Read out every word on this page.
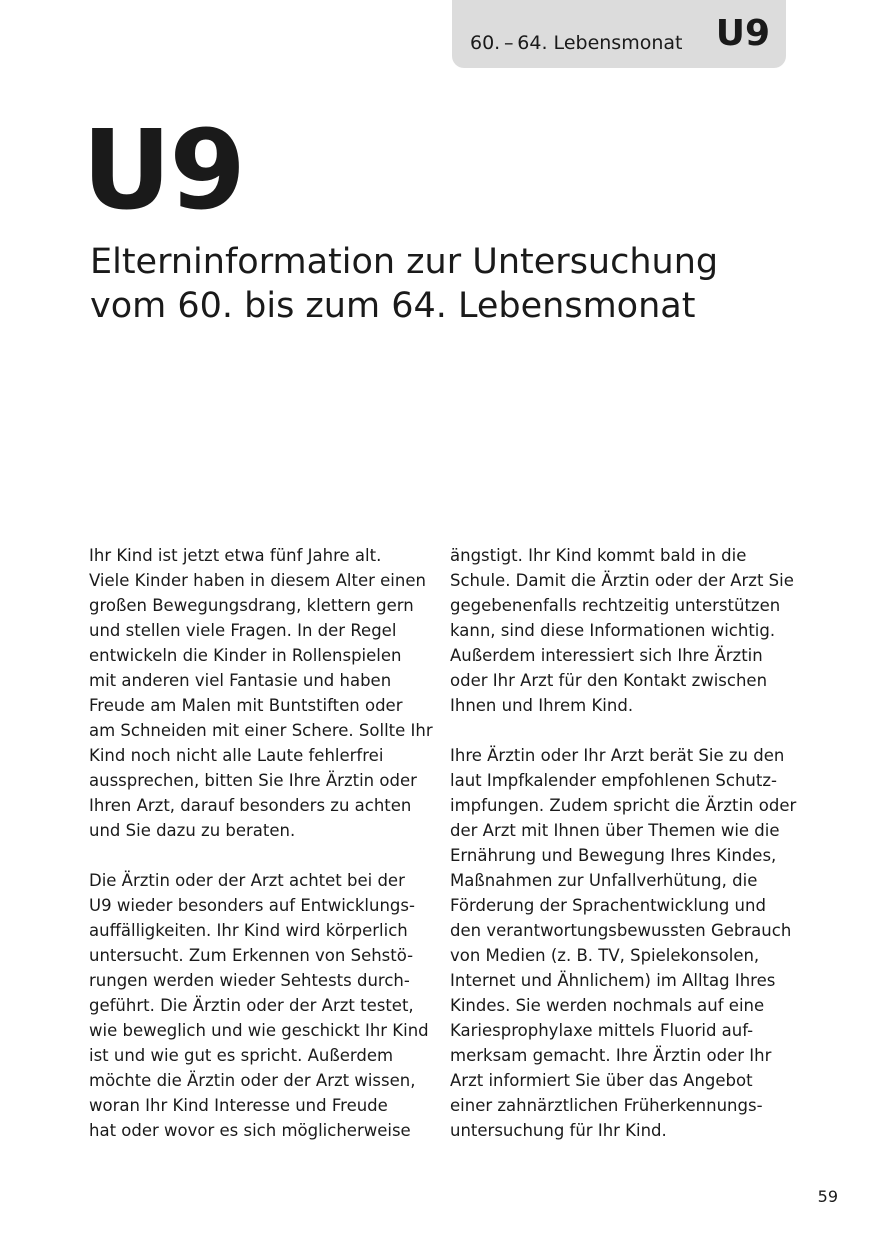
60. – 64. Lebensmonat U9
U9
Elterninformation zur Untersuchung
vom 60. bis zum 64. Lebensmonat
Ihr Kind ist jetzt etwa fünf Jahre alt.
Viele Kinder haben in diesem Alter einen
großen Bewegungsdrang, klettern gern
und stellen viele Fragen. In der Regel
entwickeln die Kinder in Rollenspielen
mit anderen viel Fantasie und haben
Freude am Malen mit Buntstiften oder
am Schneiden mit einer Schere. Sollte Ihr
Kind noch nicht alle Laute fehlerfrei
aussprechen, bitten Sie Ihre Ärztin oder
Ihren Arzt, darauf besonders zu achten
und Sie dazu zu beraten.
Die Ärztin oder der Arzt achtet bei der
U9 wieder besonders auf Entwicklungs-
auffälligkeiten. Ihr Kind wird körperlich
untersucht. Zum Erkennen von Sehstö-
rungen werden wieder Sehtests durch-
geführt. Die Ärztin oder der Arzt testet,
wie beweglich und wie geschickt Ihr Kind
ist und wie gut es spricht. Außerdem
möchte die Ärztin oder der Arzt wissen,
woran Ihr Kind Interesse und Freude
hat oder wovor es sich möglicherweise
ängstigt. Ihr Kind kommt bald in die
Schule. Damit die Ärztin oder der Arzt Sie
gegebenenfalls rechtzeitig unterstützen
kann, sind diese Informationen wichtig.
Außerdem interessiert sich Ihre Ärztin
oder Ihr Arzt für den Kontakt zwischen
Ihnen und Ihrem Kind.
Ihre Ärztin oder Ihr Arzt berät Sie zu den
laut Impfkalender empfohlenen Schutz-
impfungen. Zudem spricht die Ärztin oder
der Arzt mit Ihnen über Themen wie die
Ernährung und Bewegung Ihres Kindes,
Maßnahmen zur Unfallverhütung, die
Förderung der Sprachentwicklung und
den verantwortungsbewussten Gebrauch
von Medien (z. B. TV, Spielekonsolen,
Internet und Ähnlichem) im Alltag Ihres
Kindes. Sie werden nochmals auf eine
Kariesprophylaxe mittels Fluorid auf-
merksam gemacht. Ihre Ärztin oder Ihr
Arzt informiert Sie über das Angebot
einer zahnärztlichen Früherkennungs-
untersuchung für Ihr Kind.
59
